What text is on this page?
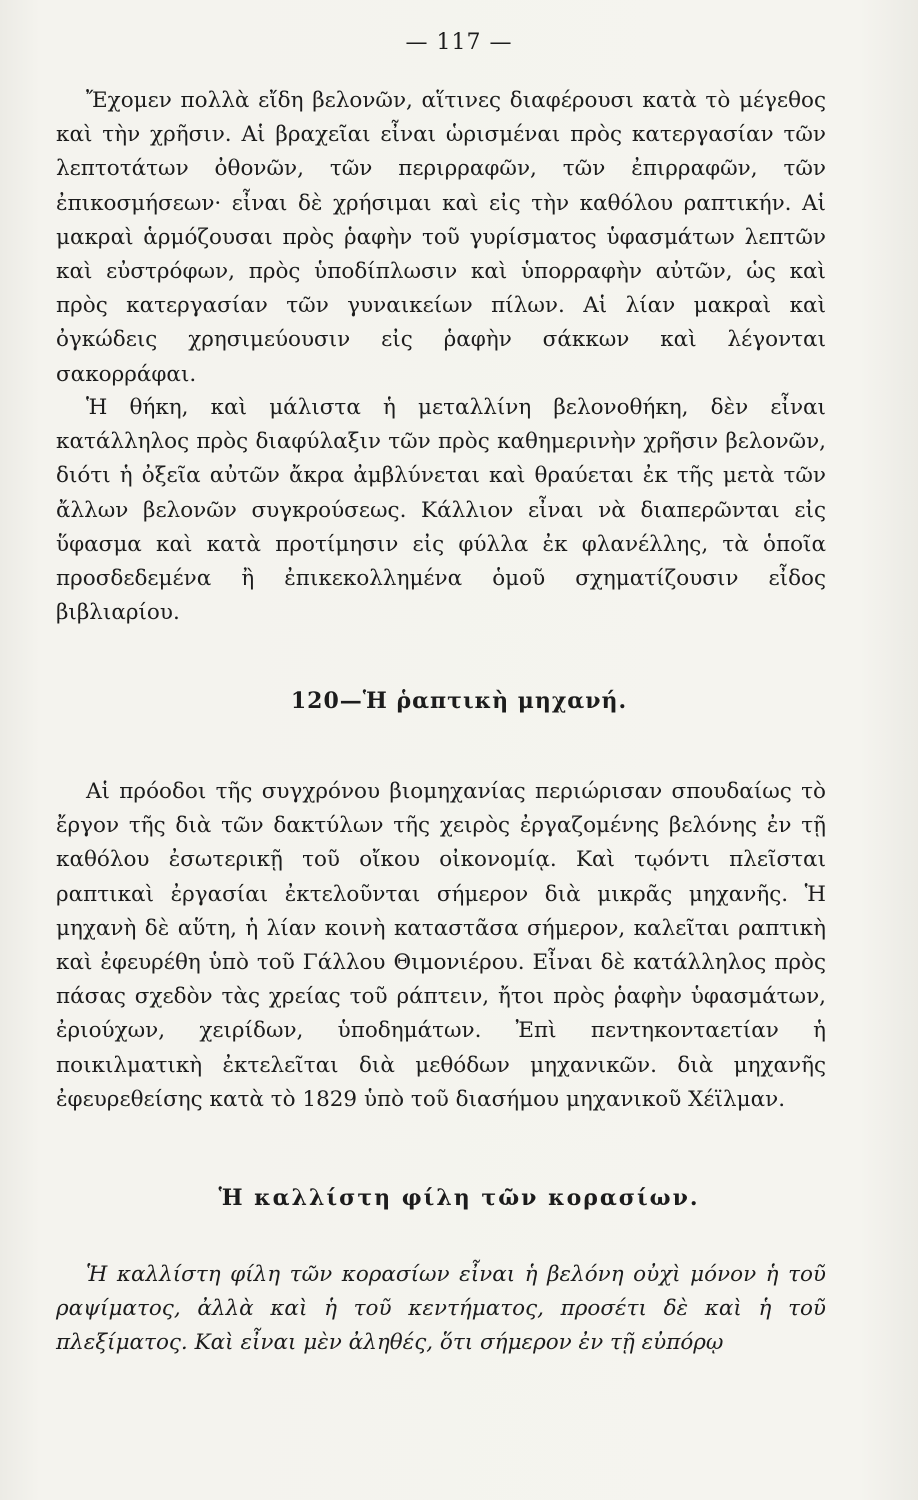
— 117 —

Ἔχομεν πολλὰ εἴδη βελονῶν, αἵτινες διαφέρουσι κατὰ τὸ μέγεθος καὶ τὴν χρῆσιν. Αἱ βραχεῖαι εἶναι ὡρισμέναι πρὸς κατεργασίαν τῶν λεπτοτάτων ὀθονῶν, τῶν περιρραφῶν, τῶν ἐπιρραφῶν, τῶν ἐπικοσμήσεων· εἶναι δὲ χρήσιμαι καὶ εἰς τὴν καθόλου ραπτικήν. Αἱ μακραὶ ἁρμόζουσαι πρὸς ῥαφὴν τοῦ γυρίσματος ὑφασμάτων λεπτῶν καὶ εὐστρόφων, πρὸς ὑποδίπλωσιν καὶ ὑπορραφὴν αὐτῶν, ὡς καὶ πρὸς κατεργασίαν τῶν γυναικείων πίλων. Αἱ λίαν μακραὶ καὶ ὀγκώδεις χρησιμεύουσιν εἰς ῥαφὴν σάκκων καὶ λέγονται σακορράφαι.

Ἡ θήκη, καὶ μάλιστα ἡ μεταλλίνη βελονοθήκη, δὲν εἶναι κατάλληλος πρὸς διαφύλαξιν τῶν πρὸς καθημερινὴν χρῆσιν βελονῶν, διότι ἡ ὀξεῖα αὐτῶν ἄκρα ἀμβλύνεται καὶ θραύεται ἐκ τῆς μετὰ τῶν ἄλλων βελονῶν συγκρούσεως. Κάλλιον εἶναι νὰ διαπερῶνται εἰς ὕφασμα καὶ κατὰ προτίμησιν εἰς φύλλα ἐκ φλανέλλης, τὰ ὁποῖα προσδεδεμένα ἢ ἐπικεκολλημένα ὁμοῦ σχηματίζουσιν εἶδος βιβλιαρίου.

120—Ἡ ῥαπτικὴ μηχανή.

Αἱ πρόοδοι τῆς συγχρόνου βιομηχανίας περιώρισαν σπουδαίως τὸ ἔργον τῆς διὰ τῶν δακτύλων τῆς χειρὸς ἐργαζομένης βελόνης ἐν τῇ καθόλου ἐσωτερικῇ τοῦ οἴκου οἰκονομίᾳ. Καὶ τῳόντι πλεῖσται ραπτικαὶ ἐργασίαι ἐκτελοῦνται σήμερον διὰ μικρᾶς μηχανῆς. Ἡ μηχανὴ δὲ αὕτη, ἡ λίαν κοινὴ καταστᾶσα σήμερον, καλεῖται ραπτικὴ καὶ ἐφευρέθη ὑπὸ τοῦ Γάλλου Θιμονιέρου. Εἶναι δὲ κατάλληλος πρὸς πάσας σχεδὸν τὰς χρείας τοῦ ράπτειν, ἤτοι πρὸς ῥαφὴν ὑφασμάτων, ἐριούχων, χειρίδων, ὑποδημάτων. Ἐπὶ πεντηκονταετίαν ἡ ποικιλματικὴ ἐκτελεῖται διὰ μεθόδων μηχανικῶν. διὰ μηχανῆς ἐφευρεθείσης κατὰ τὸ 1829 ὑπὸ τοῦ διασήμου μηχανικοῦ Χέϊλμαν.

Ἡ καλλίστη φίλη τῶν κορασίων.

Ἡ καλλίστη φίλη τῶν κορασίων εἶναι ἡ βελόνη οὐχὶ μόνον ἡ τοῦ ραψίματος, ἀλλὰ καὶ ἡ τοῦ κεντήματος, προσέτι δὲ καὶ ἡ τοῦ πλεξίματος. Καὶ εἶναι μὲν ἀληθές, ὅτι σήμερον ἐν τῇ εὐπόρῳ
